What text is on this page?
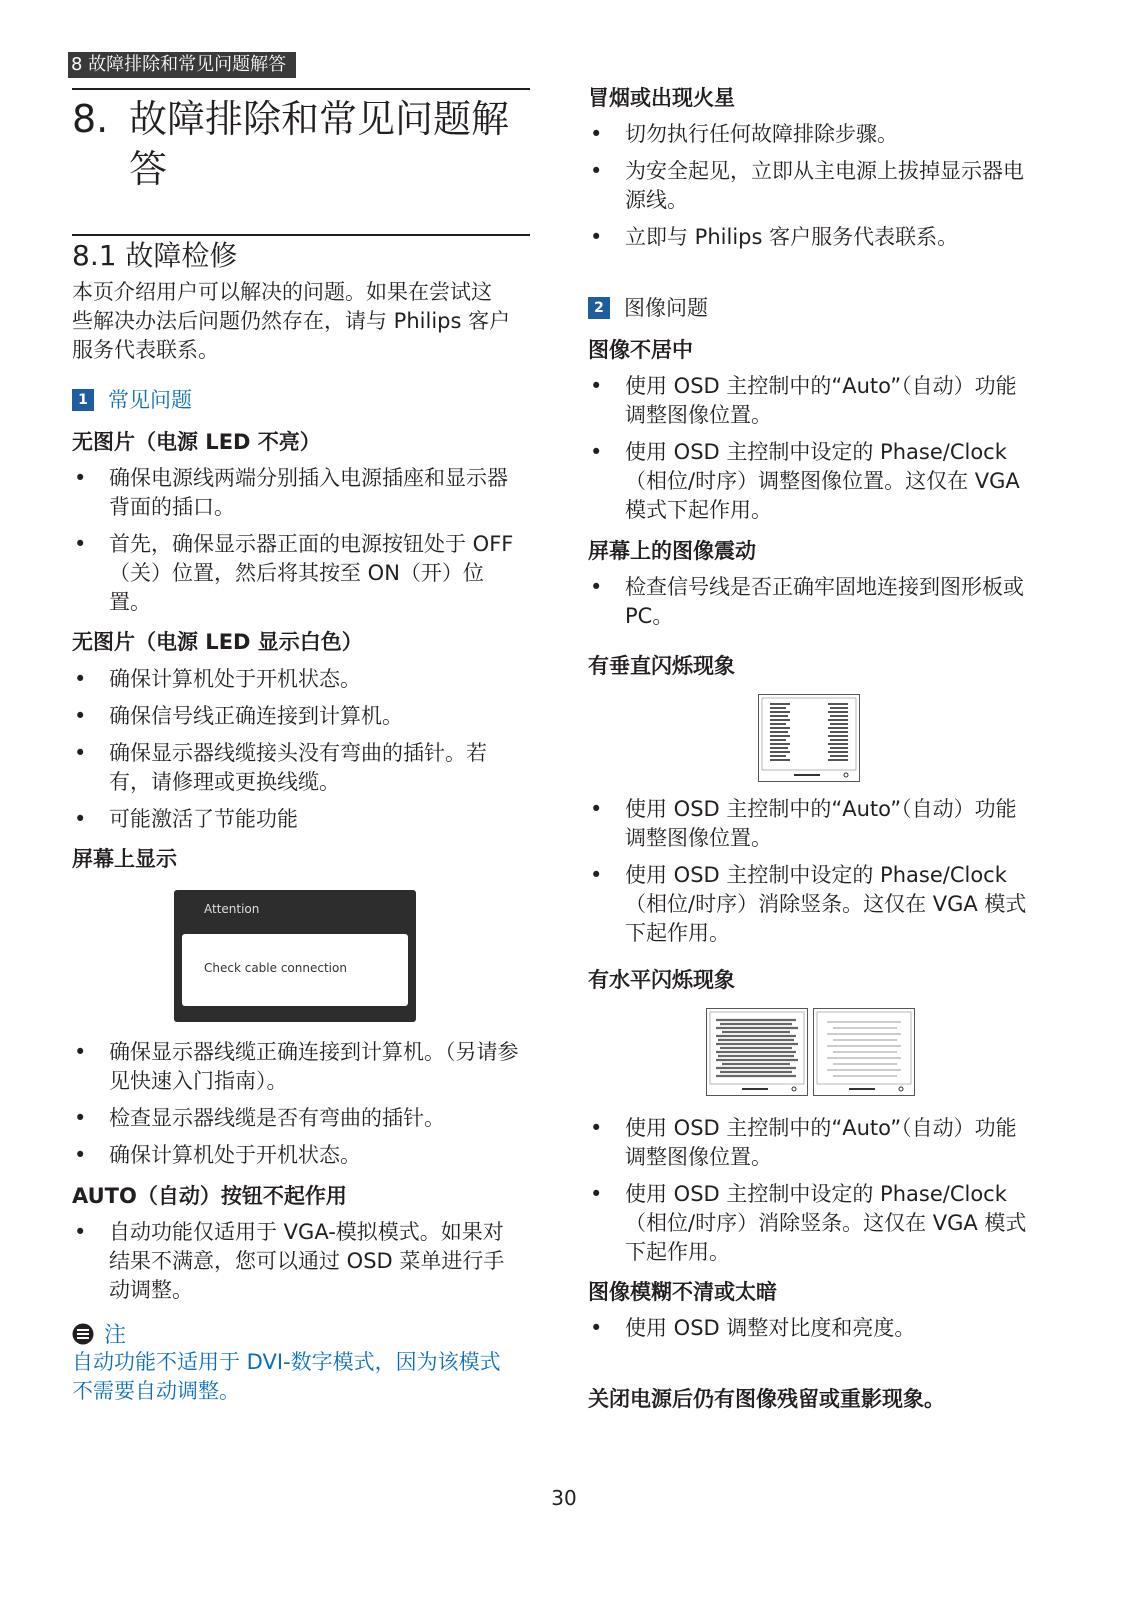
8 故障排除和常见问题解答
8. 故障排除和常见问题解答
8.1 故障检修

本页介绍用户可以解决的问题。如果在尝试这些解决办法后问题仍然存在，请与 Philips 客户服务代表联系。

1 常见问题

无图片（电源 LED 不亮）

• 确保电源线两端分别插入电源插座和显示器背面的插口。
• 首先，确保显示器正面的电源按钮处于 OFF（关）位置，然后将其按至 ON（开）位置。

无图片（电源 LED 显示白色）

• 确保计算机处于开机状态。
• 确保信号线正确连接到计算机。
• 确保显示器线缆接头没有弯曲的插针。若有，请修理或更换线缆。
• 可能激活了节能功能

屏幕上显示

Attention
Check cable connection
• 确保显示器线缆正确连接到计算机。（另请参见快速入门指南）。
• 检查显示器线缆是否有弯曲的插针。
• 确保计算机处于开机状态。

AUTO（自动）按钮不起作用

• 自动功能仅适用于 VGA-模拟模式。如果对结果不满意，您可以通过 OSD 菜单进行手动调整。
注

自动功能不适用于 DVI-数字模式，因为该模式不需要自动调整。

冒烟或出现火星

• 切勿执行任何故障排除步骤。
• 为安全起见，立即从主电源上拔掉显示器电源线。
• 立即与 Philips 客户服务代表联系。
2 图像问题

图像不居中

• 使用 OSD 主控制中的“Auto”（自动）功能调整图像位置。
• 使用 OSD 主控制中设定的 Phase/Clock（相位/时序）调整图像位置。这仅在 VGA 模式下起作用。

屏幕上的图像震动

• 检查信号线是否正确牢固地连接到图形板或 PC。

有垂直闪烁现象

• 使用 OSD 主控制中的“Auto”（自动）功能调整图像位置。
• 使用 OSD 主控制中设定的 Phase/Clock（相位/时序）消除竖条。这仅在 VGA 模式下起作用。

有水平闪烁现象

• 使用 OSD 主控制中的“Auto”（自动）功能调整图像位置。
• 使用 OSD 主控制中设定的 Phase/Clock（相位/时序）消除竖条。这仅在 VGA 模式下起作用。

图像模糊不清或太暗

• 使用 OSD 调整对比度和亮度。

关闭电源后仍有图像残留或重影现象。

30
